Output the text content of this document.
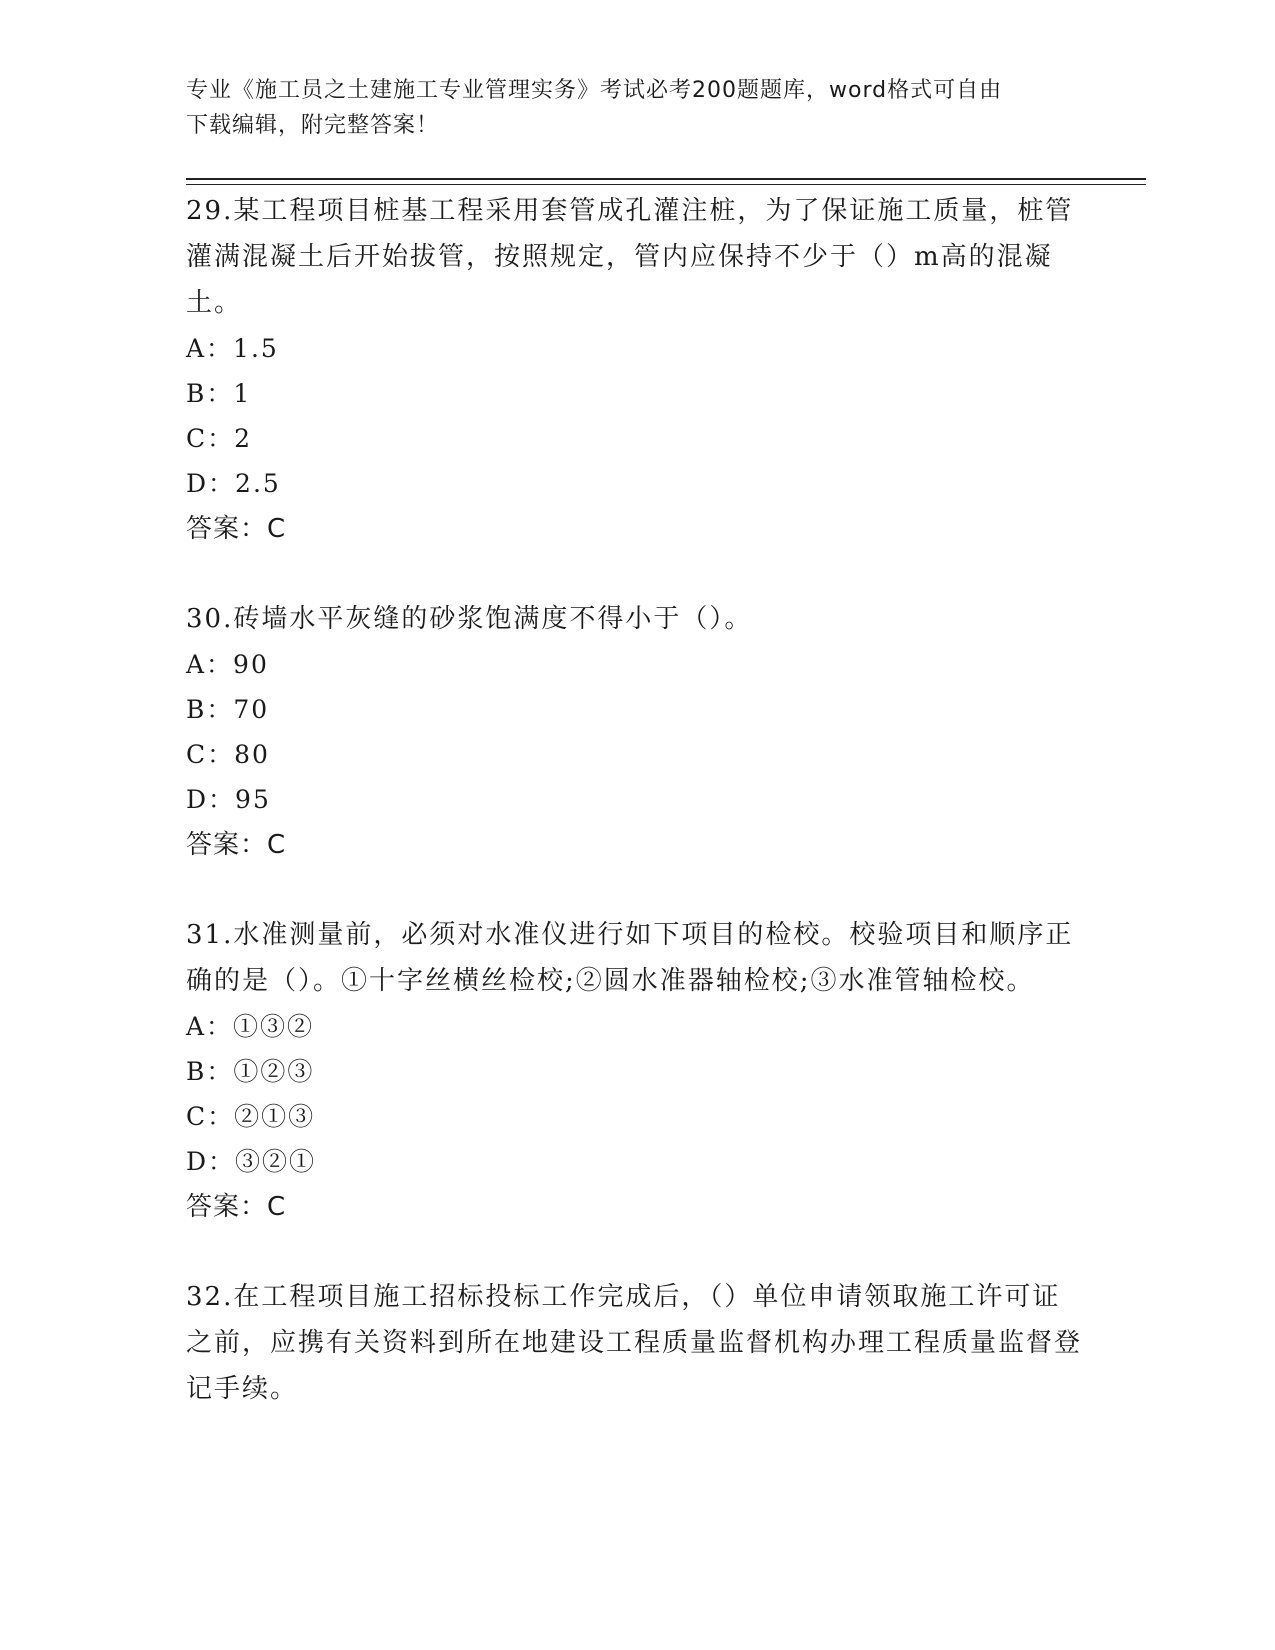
专业《施工员之土建施工专业管理实务》考试必考200题题库，word格式可自由
下载编辑，附完整答案！

29.某工程项目桩基工程采用套管成孔灌注桩，为了保证施工质量，桩管灌满混凝土后开始拔管，按照规定，管内应保持不少于（）m高的混凝土。

A：1.5
B：1
C：2
D：2.5
答案：C

30.砖墙水平灰缝的砂浆饱满度不得小于（）。

A：90
B：70
C：80
D：95
答案：C

31.水准测量前，必须对水准仪进行如下项目的检校。校验项目和顺序正确的是（）。①十字丝横丝检校;②圆水准器轴检校;③水准管轴检校。

A：①③②
B：①②③
C：②①③
D：③②①
答案：C

32.在工程项目施工招标投标工作完成后，（）单位申请领取施工许可证之前，应携有关资料到所在地建设工程质量监督机构办理工程质量监督登记手续。
